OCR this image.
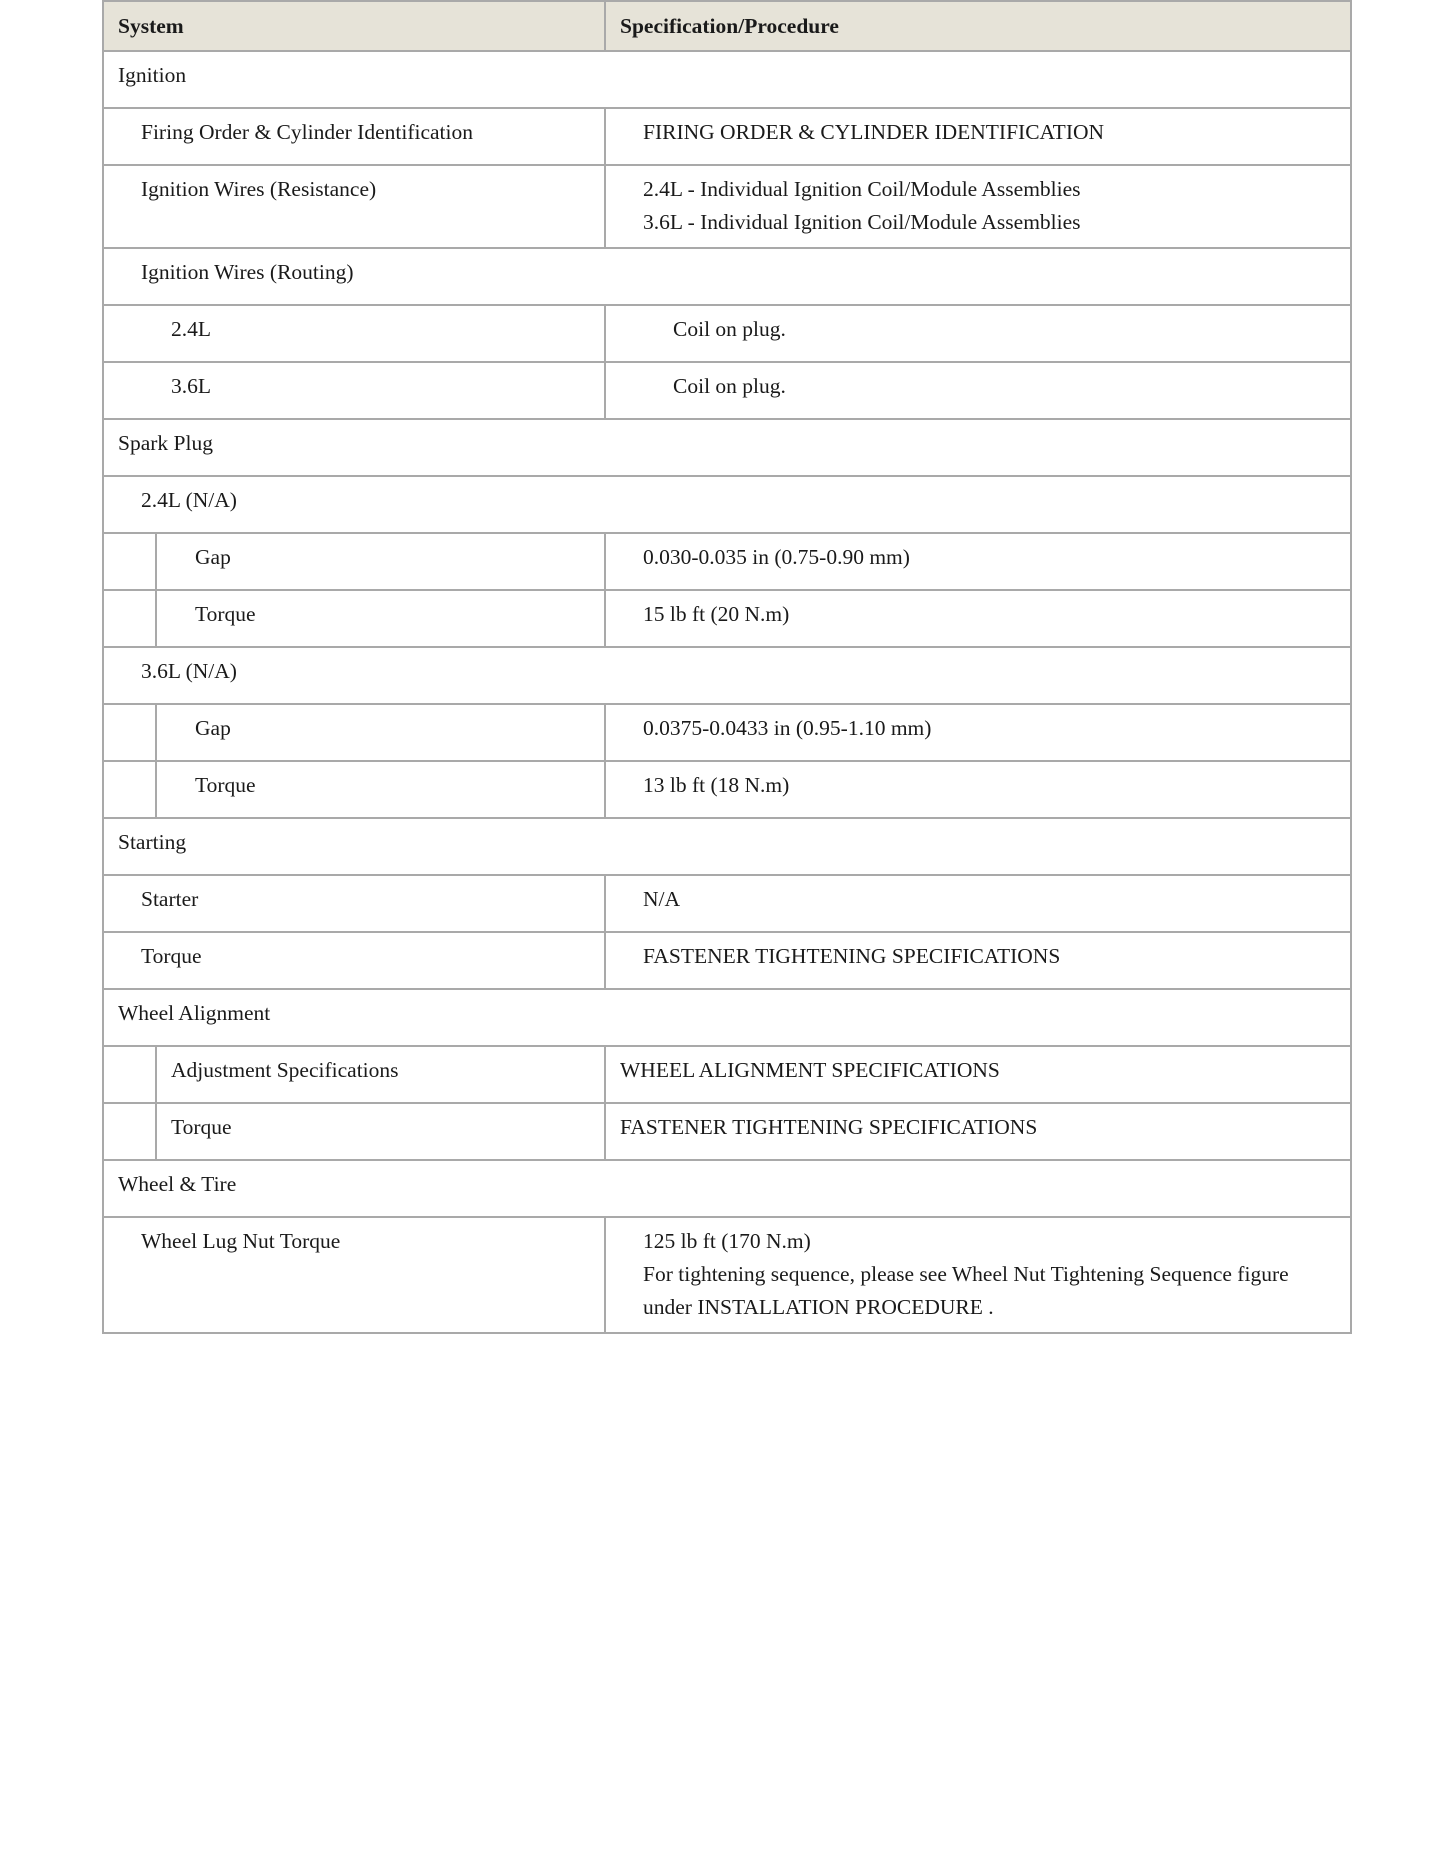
System		Specification/Procedure
Ignition		
Firing Order & Cylinder Identification		FIRING ORDER & CYLINDER IDENTIFICATION
Ignition Wires (Resistance)		2.4L - Individual Ignition Coil/Module Assemblies
3.6L - Individual Ignition Coil/Module Assemblies

Ignition Wires (Routing)		
2.4L		Coil on plug.
3.6L		Coil on plug.
Spark Plug		
2.4L (N/A)		
	Gap	0.030-0.035 in (0.75-0.90 mm)
	Torque	15 lb ft (20 N.m)
3.6L (N/A)		
	Gap	0.0375-0.0433 in (0.95-1.10 mm)
	Torque	13 lb ft (18 N.m)
Starting		
Starter		N/A
Torque		FASTENER TIGHTENING SPECIFICATIONS
Wheel Alignment		
	Adjustment Specifications	WHEEL ALIGNMENT SPECIFICATIONS
	Torque	FASTENER TIGHTENING SPECIFICATIONS
Wheel & Tire		
Wheel Lug Nut Torque		125 lb ft (170 N.m)
For tightening sequence, please see Wheel Nut Tightening Sequence figure
under INSTALLATION PROCEDURE .
